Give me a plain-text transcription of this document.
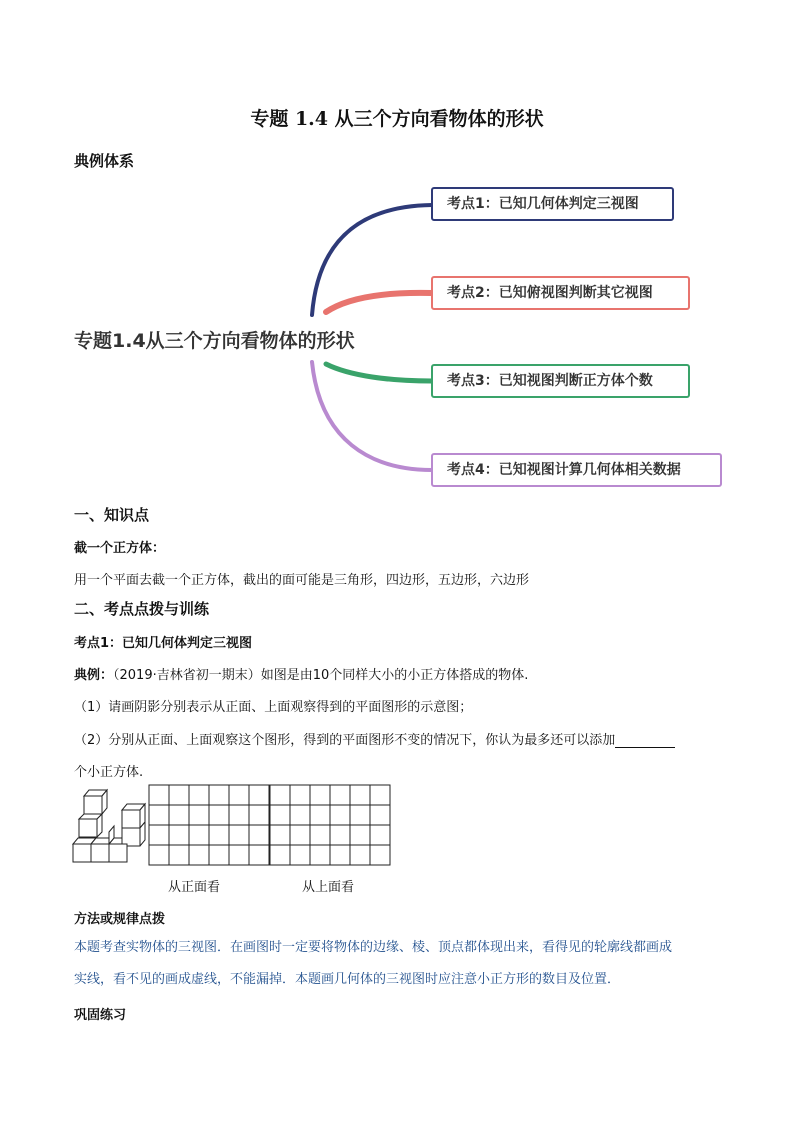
专题 1.4 从三个方向看物体的形状
典例体系
专题1.4从三个方向看物体的形状
考点1：已知几何体判定三视图
考点2：已知俯视图判断其它视图
考点3：已知视图判断正方体个数
考点4：已知视图计算几何体相关数据
一、知识点
截一个正方体：
用一个平面去截一个正方体，截出的面可能是三角形，四边形，五边形，六边形
二、考点点拨与训练
考点1：已知几何体判定三视图
典例：（2019·吉林省初一期末）如图是由10个同样大小的小正方体搭成的物体.
（1）请画阴影分别表示从正面、上面观察得到的平面图形的示意图；
（2）分别从正面、上面观察这个图形，得到的平面图形不变的情况下，你认为最多还可以添加
个小正方体.
从正面看	从上面看
方法或规律点拨
本题考查实物体的三视图．在画图时一定要将物体的边缘、棱、顶点都体现出来，看得见的轮廓线都画成
实线，看不见的画成虚线，不能漏掉．本题画几何体的三视图时应注意小正方形的数目及位置．
巩固练习
